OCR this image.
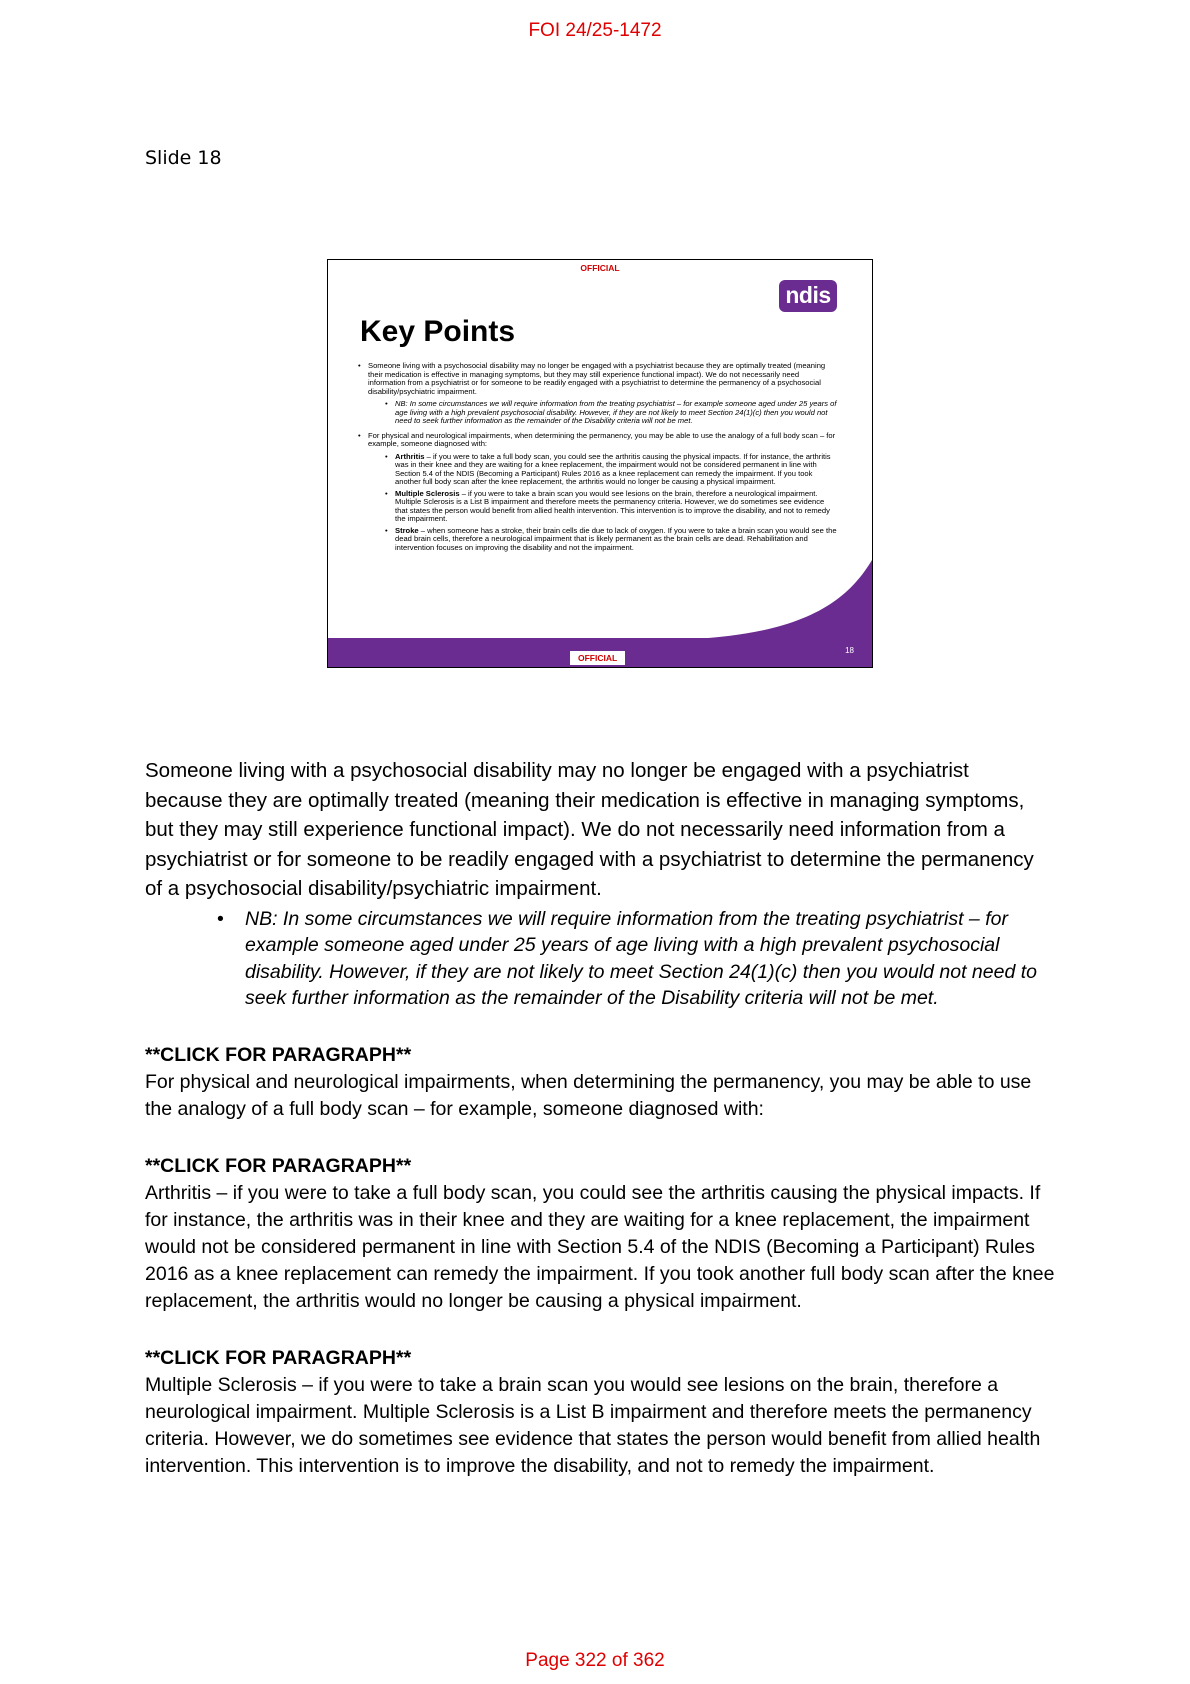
FOI 24/25-1472
Slide 18
OFFICIAL
ndis
Key Points
• Someone living with a psychosocial disability may no longer be engaged with a psychiatrist because they are optimally treated (meaning their medication is effective in managing symptoms, but they may still experience functional impact). We do not necessarily need information from a psychiatrist or for someone to be readily engaged with a psychiatrist to determine the permanency of a psychosocial disability/psychiatric impairment.
• NB: In some circumstances we will require information from the treating psychiatrist – for example someone aged under 25 years of age living with a high prevalent psychosocial disability. However, if they are not likely to meet Section 24(1)(c) then you would not need to seek further information as the remainder of the Disability criteria will not be met.
• For physical and neurological impairments, when determining the permanency, you may be able to use the analogy of a full body scan – for example, someone diagnosed with:
• Arthritis – if you were to take a full body scan, you could see the arthritis causing the physical impacts. If for instance, the arthritis was in their knee and they are waiting for a knee replacement, the impairment would not be considered permanent in line with Section 5.4 of the NDIS (Becoming a Participant) Rules 2016 as a knee replacement can remedy the impairment. If you took another full body scan after the knee replacement, the arthritis would no longer be causing a physical impairment.
• Multiple Sclerosis – if you were to take a brain scan you would see lesions on the brain, therefore a neurological impairment. Multiple Sclerosis is a List B impairment and therefore meets the permanency criteria. However, we do sometimes see evidence that states the person would benefit from allied health intervention. This intervention is to improve the disability, and not to remedy the impairment.
• Stroke – when someone has a stroke, their brain cells die due to lack of oxygen. If you were to take a brain scan you would see the dead brain cells, therefore a neurological impairment that is likely permanent as the brain cells are dead. Rehabilitation and intervention focuses on improving the disability and not the impairment.
OFFICIAL
18

Someone living with a psychosocial disability may no longer be engaged with a psychiatrist because they are optimally treated (meaning their medication is effective in managing symptoms, but they may still experience functional impact). We do not necessarily need information from a psychiatrist or for someone to be readily engaged with a psychiatrist to determine the permanency of a psychosocial disability/psychiatric impairment.

• NB: In some circumstances we will require information from the treating psychiatrist – for example someone aged under 25 years of age living with a high prevalent psychosocial disability. However, if they are not likely to meet Section 24(1)(c) then you would not need to seek further information as the remainder of the Disability criteria will not be met.
**CLICK FOR PARAGRAPH**
For physical and neurological impairments, when determining the permanency, you may be able to use the analogy of a full body scan – for example, someone diagnosed with:
**CLICK FOR PARAGRAPH**
Arthritis – if you were to take a full body scan, you could see the arthritis causing the physical impacts. If for instance, the arthritis was in their knee and they are waiting for a knee replacement, the impairment would not be considered permanent in line with Section 5.4 of the NDIS (Becoming a Participant) Rules 2016 as a knee replacement can remedy the impairment. If you took another full body scan after the knee replacement, the arthritis would no longer be causing a physical impairment.
**CLICK FOR PARAGRAPH**
Multiple Sclerosis – if you were to take a brain scan you would see lesions on the brain, therefore a neurological impairment. Multiple Sclerosis is a List B impairment and therefore meets the permanency criteria. However, we do sometimes see evidence that states the person would benefit from allied health intervention. This intervention is to improve the disability, and not to remedy the impairment.
Page 322 of 362
